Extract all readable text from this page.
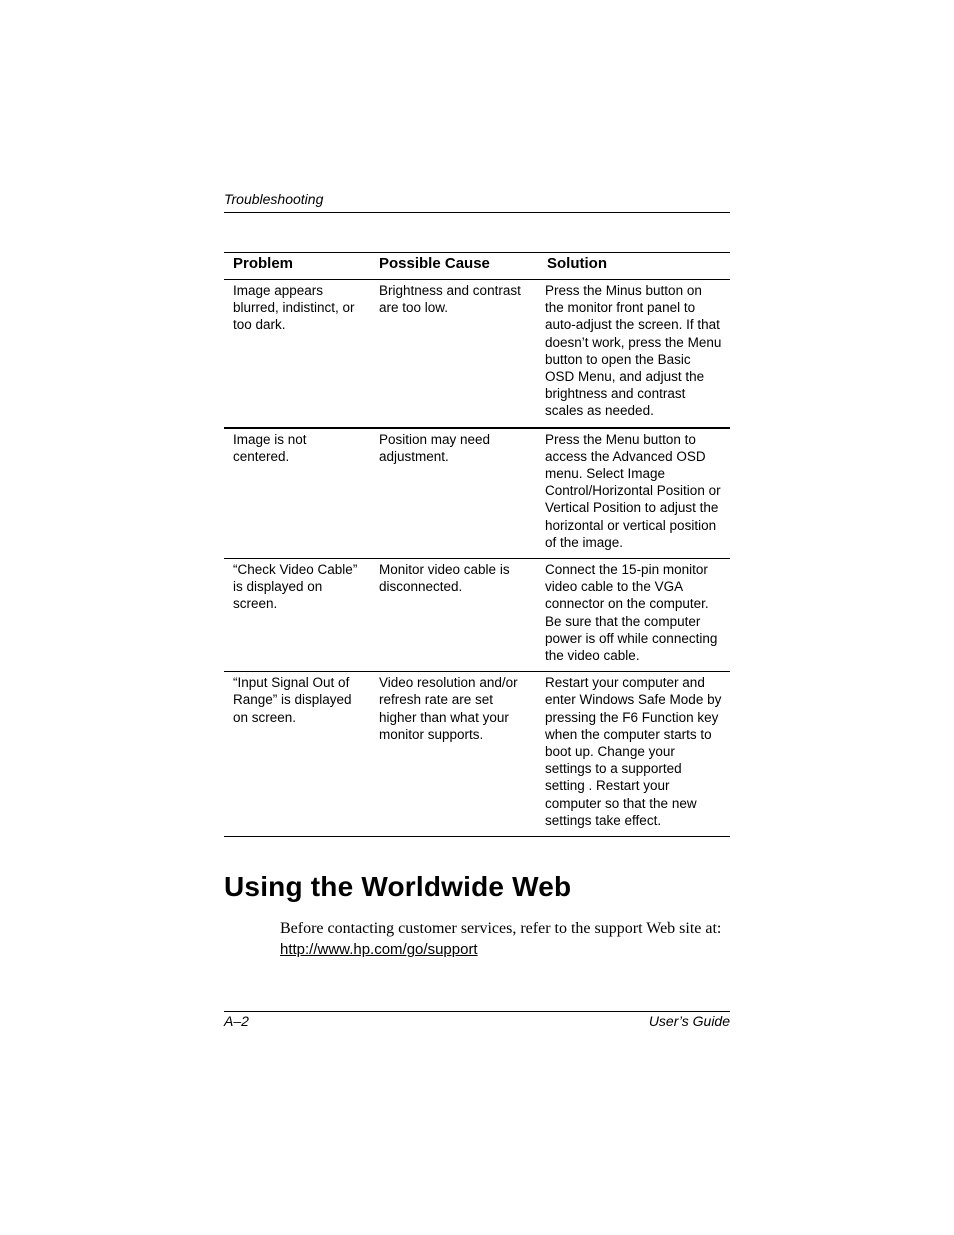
Troubleshooting
Problem	Possible Cause	Solution
Image appears blurred, indistinct, or too dark.	Brightness and contrast are too low.	Press the Minus button on the monitor front panel to auto-adjust the screen. If that doesn’t work, press the Menu button to open the Basic OSD Menu, and adjust the brightness and contrast scales as needed.
Image is not centered.	Position may need adjustment.	Press the Menu button to access the Advanced OSD menu. Select Image Control/Horizontal Position or Vertical Position to adjust the horizontal or vertical position of the image.
“Check Video Cable” is displayed on screen.	Monitor video cable is disconnected.	Connect the 15-pin monitor video cable to the VGA connector on the computer. Be sure that the computer power is off while connecting the video cable.
“Input Signal Out of Range” is displayed on screen.	Video resolution and/or refresh rate are set higher than what your monitor supports.	Restart your computer and enter Windows Safe Mode by pressing the F6 Function key when the computer starts to boot up. Change your settings to a supported setting . Restart your computer so that the new settings take effect.
Using the Worldwide Web

Before contacting customer services, refer to the support Web site at: http://www.hp.com/go/support

A–2	User’s Guide
